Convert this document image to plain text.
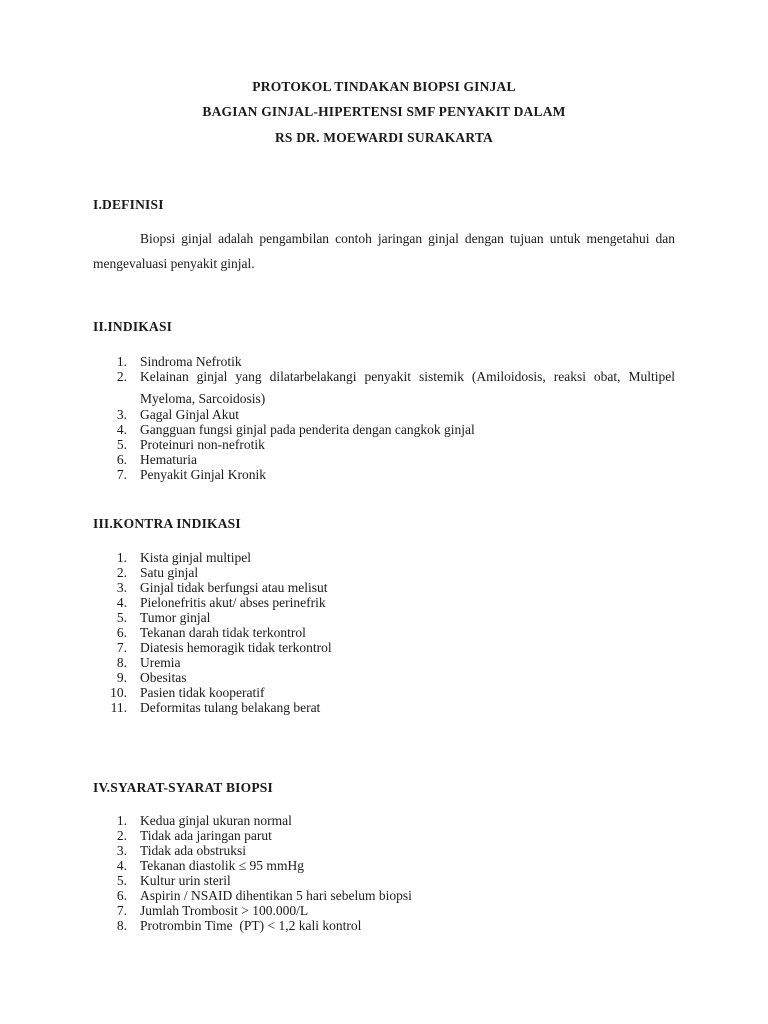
PROTOKOL TINDAKAN BIOPSI GINJAL
BAGIAN GINJAL-HIPERTENSI SMF PENYAKIT DALAM
RS DR. MOEWARDI SURAKARTA
I.DEFINISI
Biopsi ginjal adalah pengambilan contoh jaringan ginjal dengan tujuan untuk mengetahui dan mengevaluasi penyakit ginjal.
II.INDIKASI
1. Sindroma Nefrotik
2. Kelainan ginjal yang dilatarbelakangi penyakit sistemik (Amiloidosis, reaksi obat, Multipel Myeloma, Sarcoidosis)
3. Gagal Ginjal Akut
4. Gangguan fungsi ginjal pada penderita dengan cangkok ginjal
5. Proteinuri non-nefrotik
6. Hematuria
7. Penyakit Ginjal Kronik
III.KONTRA INDIKASI
1. Kista ginjal multipel
2. Satu ginjal
3. Ginjal tidak berfungsi atau melisut
4. Pielonefritis akut/ abses perinefrik
5. Tumor ginjal
6. Tekanan darah tidak terkontrol
7. Diatesis hemoragik tidak terkontrol
8. Uremia
9. Obesitas
10. Pasien tidak kooperatif
11. Deformitas tulang belakang berat
IV.SYARAT-SYARAT BIOPSI
1. Kedua ginjal ukuran normal
2. Tidak ada jaringan parut
3. Tidak ada obstruksi
4. Tekanan diastolik ≤ 95 mmHg
5. Kultur urin steril
6. Aspirin / NSAID dihentikan 5 hari sebelum biopsi
7. Jumlah Trombosit > 100.000/L
8. Protrombin Time  (PT) < 1,2 kali kontrol
